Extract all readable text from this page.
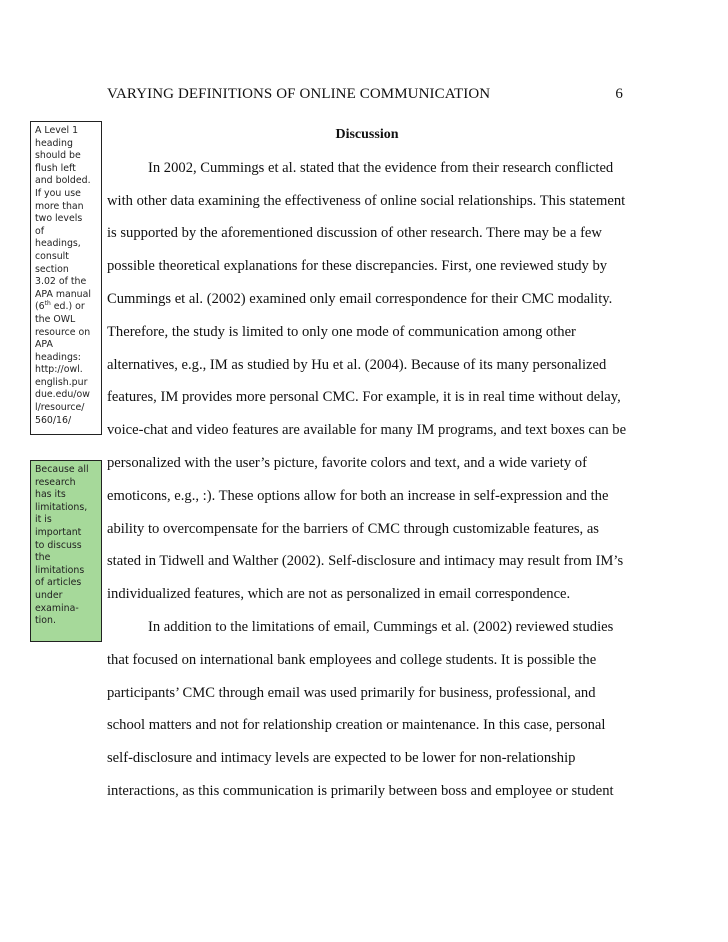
VARYING DEFINITIONS OF ONLINE COMMUNICATION	6
A Level 1
heading
should be
flush left
and bolded.
If you use
more than
two levels
of
headings,
consult
section
3.02 of the
APA manual
(6th ed.) or
the OWL
resource on
APA
headings:
http://owl.
english.pur
due.edu/ow
l/resource/
560/16/
Because all
research
has its
limitations,
it is
important
to discuss
the
limitations
of articles
under
examina-
tion.
Discussion
In 2002, Cummings et al. stated that the evidence from their research conflicted
with other data examining the effectiveness of online social relationships. This statement
is supported by the aforementioned discussion of other research. There may be a few
possible theoretical explanations for these discrepancies. First, one reviewed study by
Cummings et al. (2002) examined only email correspondence for their CMC modality.
Therefore, the study is limited to only one mode of communication among other
alternatives, e.g., IM as studied by Hu et al. (2004). Because of its many personalized
features, IM provides more personal CMC. For example, it is in real time without delay,
voice-chat and video features are available for many IM programs, and text boxes can be
personalized with the user’s picture, favorite colors and text, and a wide variety of
emoticons, e.g., :). These options allow for both an increase in self-expression and the
ability to overcompensate for the barriers of CMC through customizable features, as
stated in Tidwell and Walther (2002). Self-disclosure and intimacy may result from IM’s
individualized features, which are not as personalized in email correspondence.
In addition to the limitations of email, Cummings et al. (2002) reviewed studies
that focused on international bank employees and college students. It is possible the
participants’ CMC through email was used primarily for business, professional, and
school matters and not for relationship creation or maintenance. In this case, personal
self-disclosure and intimacy levels are expected to be lower for non-relationship
interactions, as this communication is primarily between boss and employee or student
